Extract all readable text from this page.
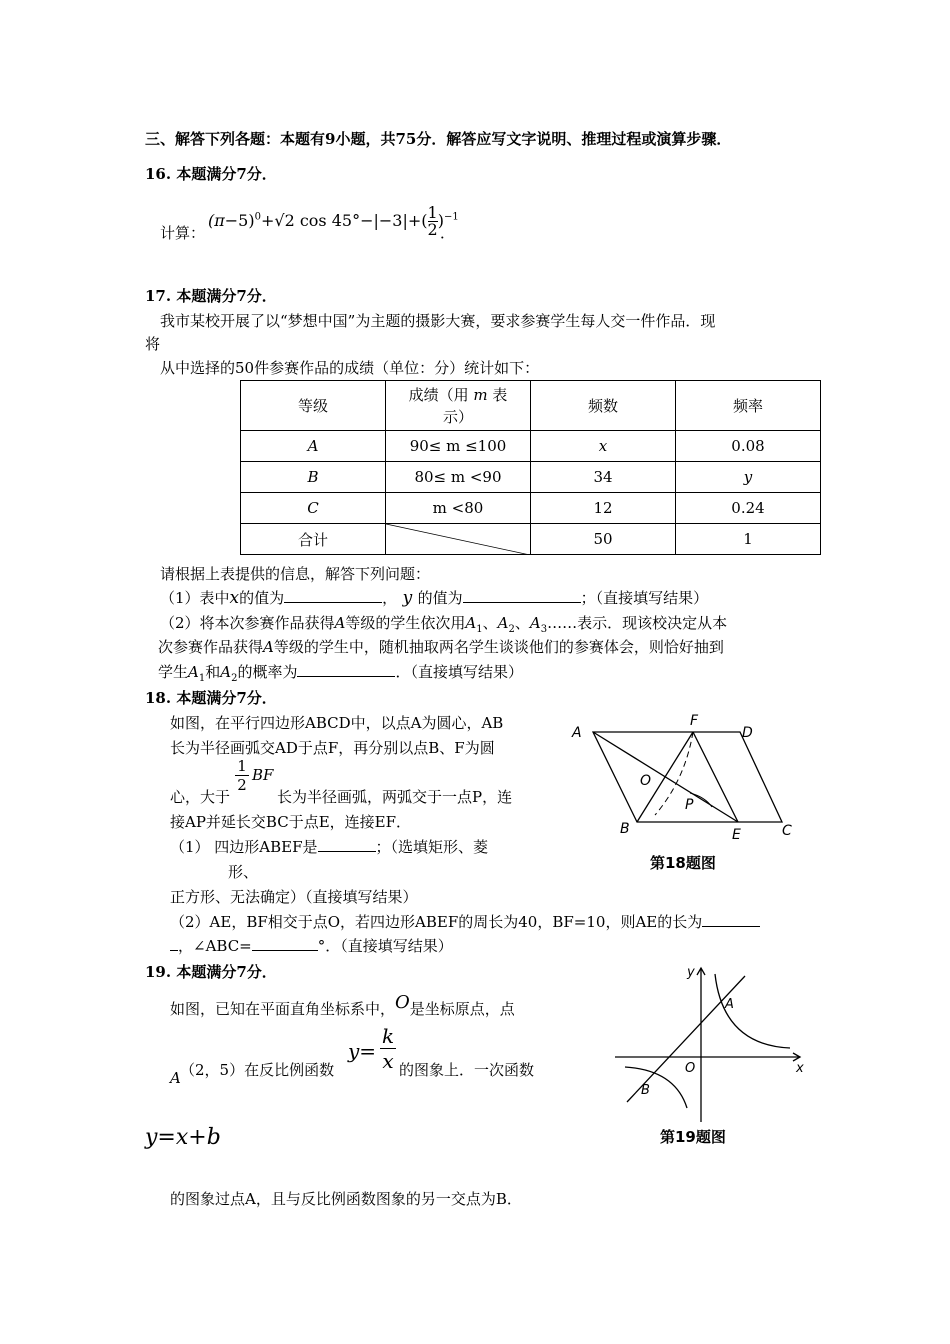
三、解答下列各题：本题有9小题，共75分．解答应写文字说明、推理过程或演算步骤．
16. 本题满分7分．
计算：
$(\pi-5)^0+√2$ $\cos 45^\circ-|-3|+( \frac{1}{2} )^{-1}$
．
17. 本题满分7分．
我市某校开展了以“梦想中国”为主题的摄影大赛，要求参赛学生每人交一件作品．现
将
从中选择的50件参赛作品的成绩（单位：分）统计如下：
等级	成绩（用 m 表
示）	频数	频率
A	90≤ m ≤100	x	0.08
B	80≤ m <90	34	y
C	m <80	12	0.24
合计		50	1
请根据上表提供的信息，解答下列问题：
（1）表中x的值为	， y 的值为	；（直接填写结果）
（2）将本次参赛作品获得A等级的学生依次用$A_1$、$A_2$、$A_3\dots\dots$表示．现该校决定从本
次参赛作品获得A等级的学生中，随机抽取两名学生谈谈他们的参赛体会，则恰好抽到
学生$A_1$和$A_2$的概率为	．（直接填写结果）
18. 本题满分7分．
如图，在平行四边形ABCD中，以点A为圆心，AB
长为半径画弧交AD于点F，再分别以点B、F为圆
$\frac{1}{2}$ BF
心，大于	长为半径画弧，两弧交于一点P，连
接AP并延长交BC于点E，连接EF．
（1） 四边形ABEF是	；（选填矩形、菱
形、
正方形、无法确定）（直接填写结果）
（2）AE，BF相交于点O，若四边形ABEF的周长为40，BF=10，则AE的长为
，∠ABC=	°．（直接填写结果）
A
F
D
O
P
B	E	C
第18题图
19. 本题满分7分．
如图，已知在平面直角坐标系中，O是坐标原点，点
A （2，5）在反比例函数
$y= \frac{k}{x}$ 的图象上．一次函数
y=x+b
的图象过点A，且与反比例函数图象的另一交点为B．
y
x
O
A
B
第19题图
